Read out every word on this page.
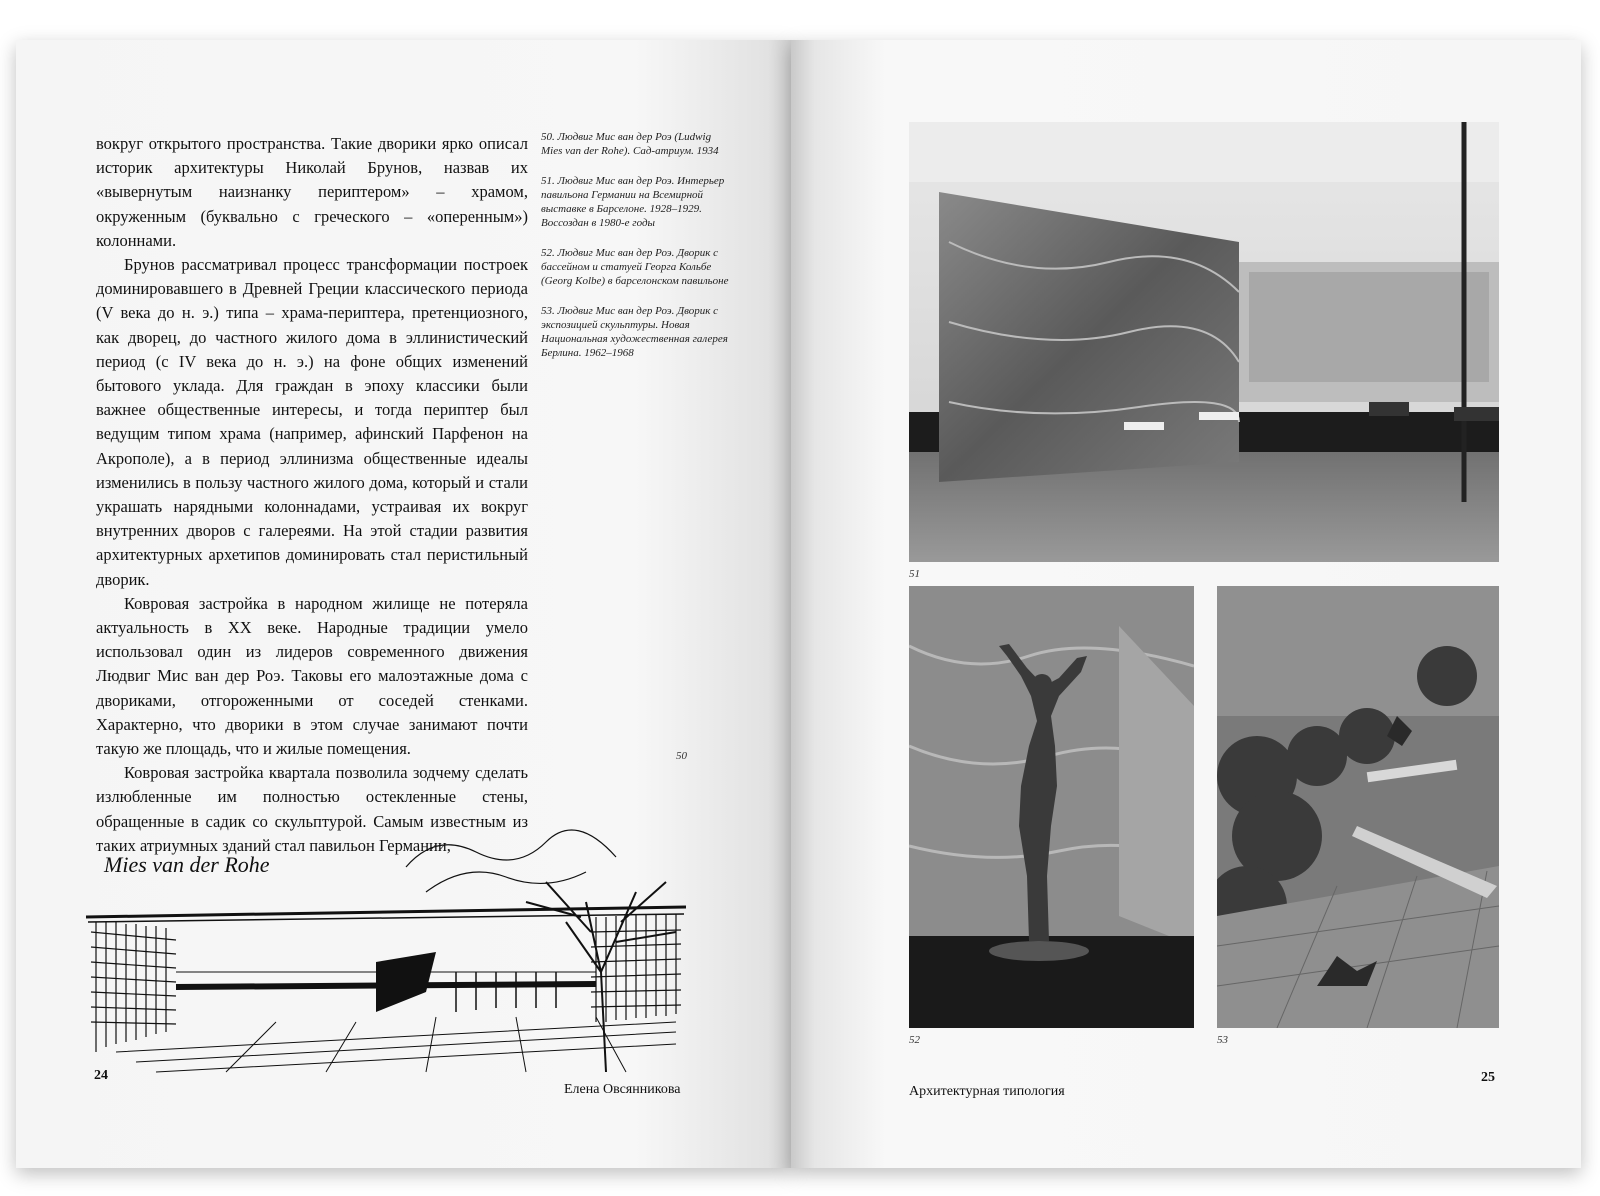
вокруг открытого пространства. Такие дворики ярко описал историк архитектуры Николай Брунов, назвав их «вывернутым наизнанку периптером» – храмом, окруженным (буквально с греческого – «оперенным») колоннами.

Брунов рассматривал процесс трансформации построек доминировавшего в Древней Греции классического периода (V века до н. э.) типа – храма-периптера, претенциозного, как дворец, до частного жилого дома в эллинистический период (с IV века до н. э.) на фоне общих изменений бытового уклада. Для граждан в эпоху классики были важнее общественные интересы, и тогда периптер был ведущим типом храма (например, афинский Парфенон на Акрополе), а в период эллинизма общественные идеалы изменились в пользу частного жилого дома, который и стали украшать нарядными колоннадами, устраивая их вокруг внутренних дворов с галереями. На этой стадии развития архитектурных архетипов доминировать стал перистильный дворик.

Ковровая застройка в народном жилище не потеряла актуальность в XX веке. Народные традиции умело использовал один из лидеров современного движения Людвиг Мис ван дер Роэ. Таковы его малоэтажные дома с двориками, отгороженными от соседей стенками. Характерно, что дворики в этом случае занимают почти такую же площадь, что и жилые помещения.

Ковровая застройка квартала позволила зодчему сделать излюбленные им полностью остекленные стены, обращенные в садик со скульптурой. Самым известным из таких атриумных зданий стал павильон Германии,

50. Людвиг Мис ван дер Роэ (Ludwig Mies van der Rohe). Сад-атриум. 1934
51. Людвиг Мис ван дер Роэ. Интерьер павильона Германии на Всемирной выставке в Барселоне. 1928–1929. Воссоздан в 1980-е годы
52. Людвиг Мис ван дер Роэ. Дворик с бассейном и статуей Георга Кольбе (Georg Kolbe) в барселонском павильоне
53. Людвиг Мис ван дер Роэ. Дворик с экспозицией скульптуры. Новая Национальная художественная галерея Берлина. 1962–1968
50
Mies van der Rohe
24
Елена Овсянникова
51
52	53
Архитектурная типология
25
